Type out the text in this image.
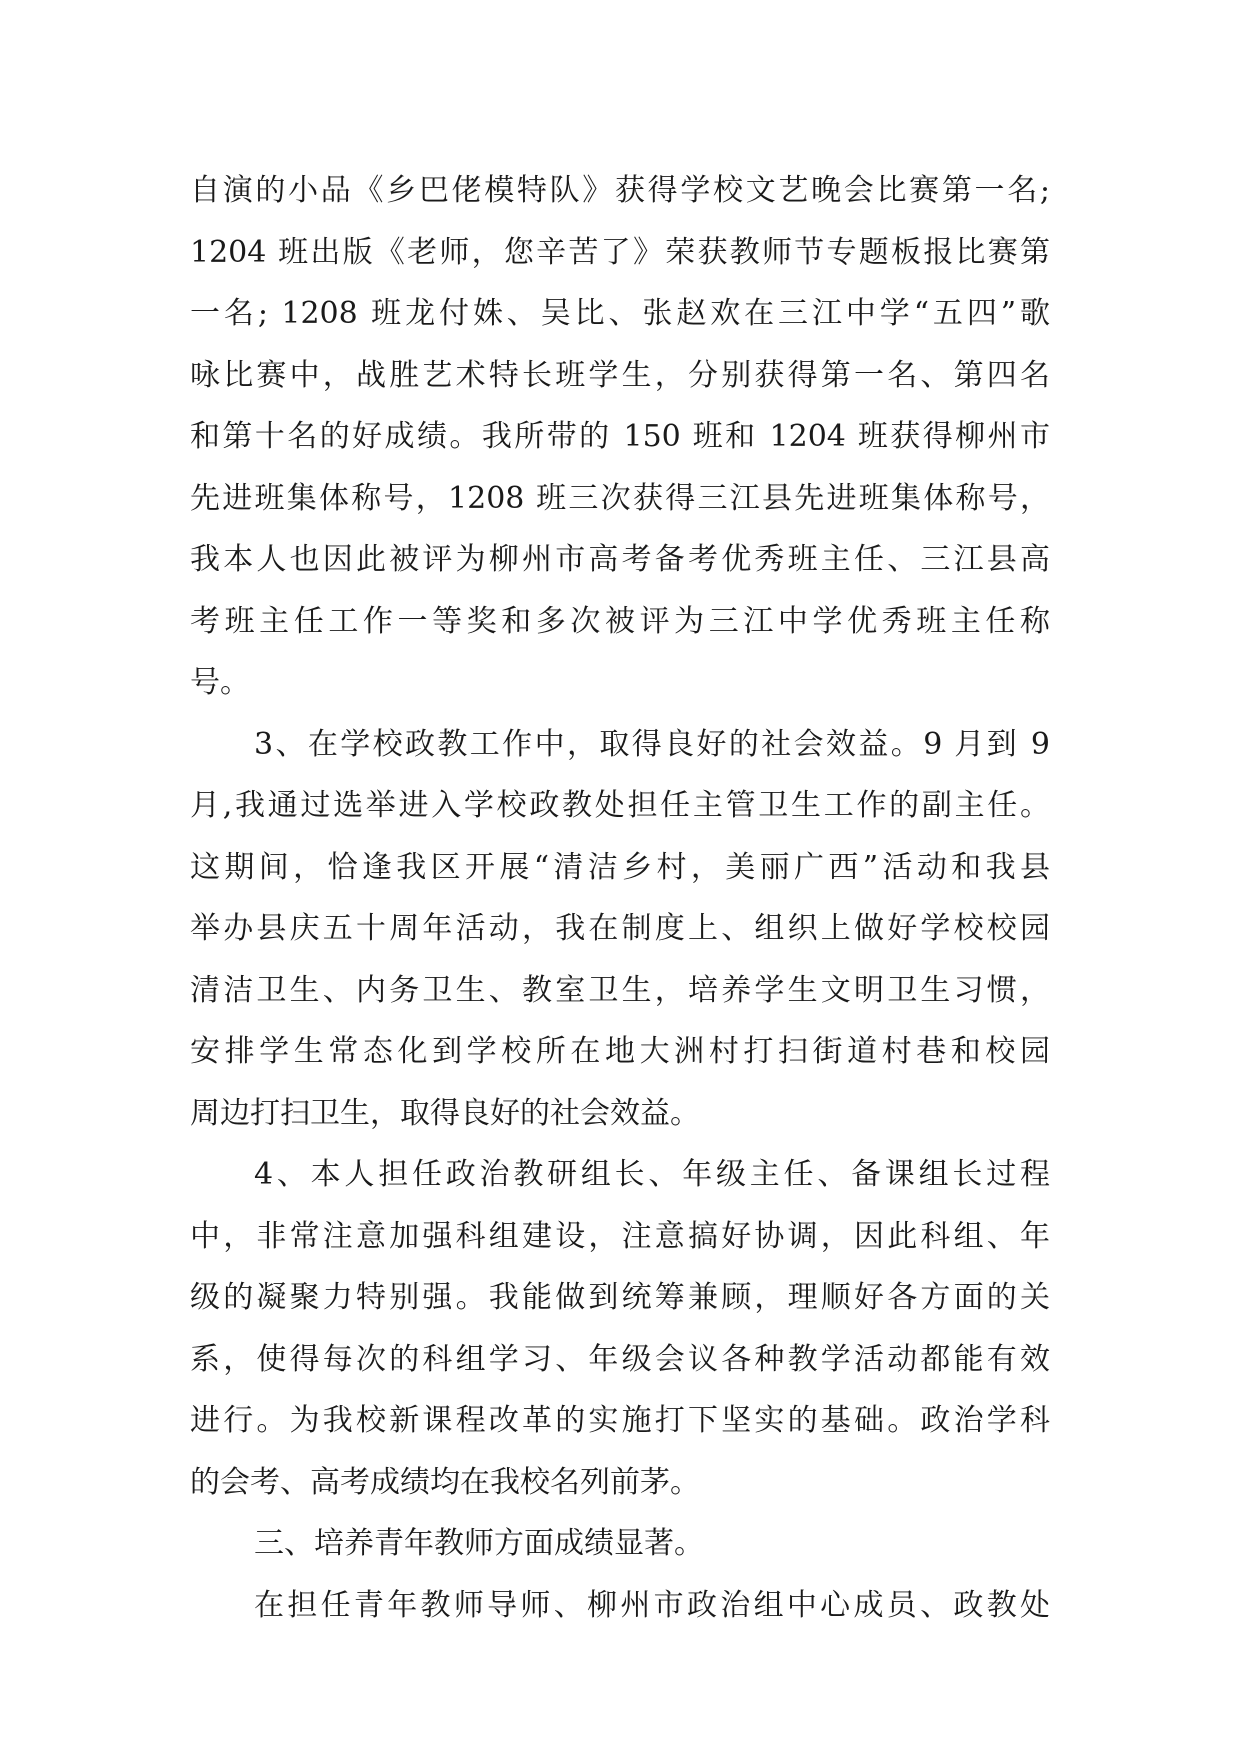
自演的小品《乡巴佬模特队》获得学校文艺晚会比赛第一名;
1204 班出版《老师，您辛苦了》荣获教师节专题板报比赛第
一名; 1208 班龙付姝、吴比、张赵欢在三江中学“五四”歌
咏比赛中，战胜艺术特长班学生，分别获得第一名、第四名
和第十名的好成绩。我所带的 150 班和 1204 班获得柳州市
先进班集体称号，1208 班三次获得三江县先进班集体称号，
我本人也因此被评为柳州市高考备考优秀班主任、三江县高
考班主任工作一等奖和多次被评为三江中学优秀班主任称
号。
3、在学校政教工作中，取得良好的社会效益。9 月到 9
月,我通过选举进入学校政教处担任主管卫生工作的副主任。
这期间，恰逢我区开展“清洁乡村，美丽广西”活动和我县
举办县庆五十周年活动，我在制度上、组织上做好学校校园
清洁卫生、内务卫生、教室卫生，培养学生文明卫生习惯，
安排学生常态化到学校所在地大洲村打扫街道村巷和校园
周边打扫卫生，取得良好的社会效益。
4、本人担任政治教研组长、年级主任、备课组长过程
中，非常注意加强科组建设，注意搞好协调，因此科组、年
级的凝聚力特别强。我能做到统筹兼顾，理顺好各方面的关
系，使得每次的科组学习、年级会议各种教学活动都能有效
进行。为我校新课程改革的实施打下坚实的基础。政治学科
的会考、高考成绩均在我校名列前茅。
三、培养青年教师方面成绩显著。
在担任青年教师导师、柳州市政治组中心成员、政教处
